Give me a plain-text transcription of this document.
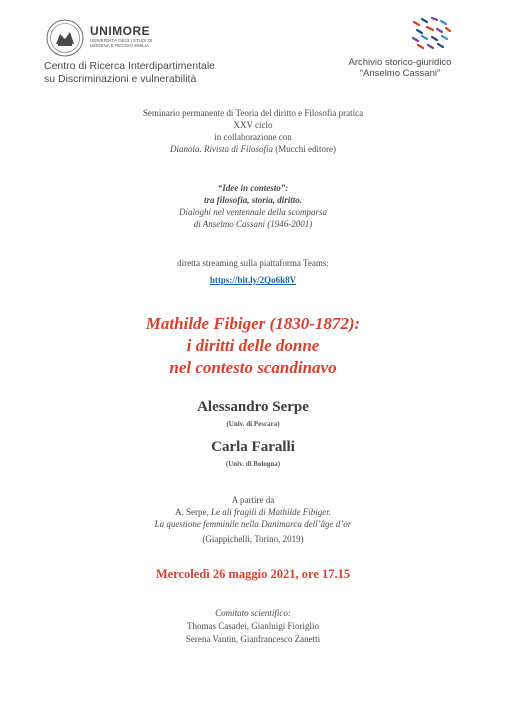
UNIMORE
UNIVERSITÀ DEGLI STUDI DI MODENA E REGGIO EMILIA
Centro di Ricerca Interdipartimentale
su Discriminazioni e vulnerabilità
Archivio storico-giuridico
“Anselmo Cassani”
Seminario permanente di Teoria del diritto e Filosofia pratica
XXV ciclo
in collaborazione con
Dianoia. Rivista di Filosofia (Mucchi editore)
“Idee in contesto”:
tra filosofia, storia, diritto.
Dialoghi nel ventennale della scomparsa
di Anselmo Cassani (1946-2001)
diretta streaming sulla piattaforma Teams:
https://bit.ly/2Qo6k8V
Mathilde Fibiger (1830-1872):
i diritti delle donne
nel contesto scandinavo
Alessandro Serpe
(Univ. di Pescara)
Carla Faralli
(Univ. di Bologna)
A partire da
A. Serpe, Le ali fragili di Mathilde Fibiger.
La questione femminile nella Danimarca dell’âge d’or
(Giappichelli, Torino, 2019)
Mercoledì 26 maggio 2021, ore 17.15
Comitato scientifico:
Thomas Casadei, Gianluigi Fioriglio
Serena Vantin, Gianfrancesco Zanetti
